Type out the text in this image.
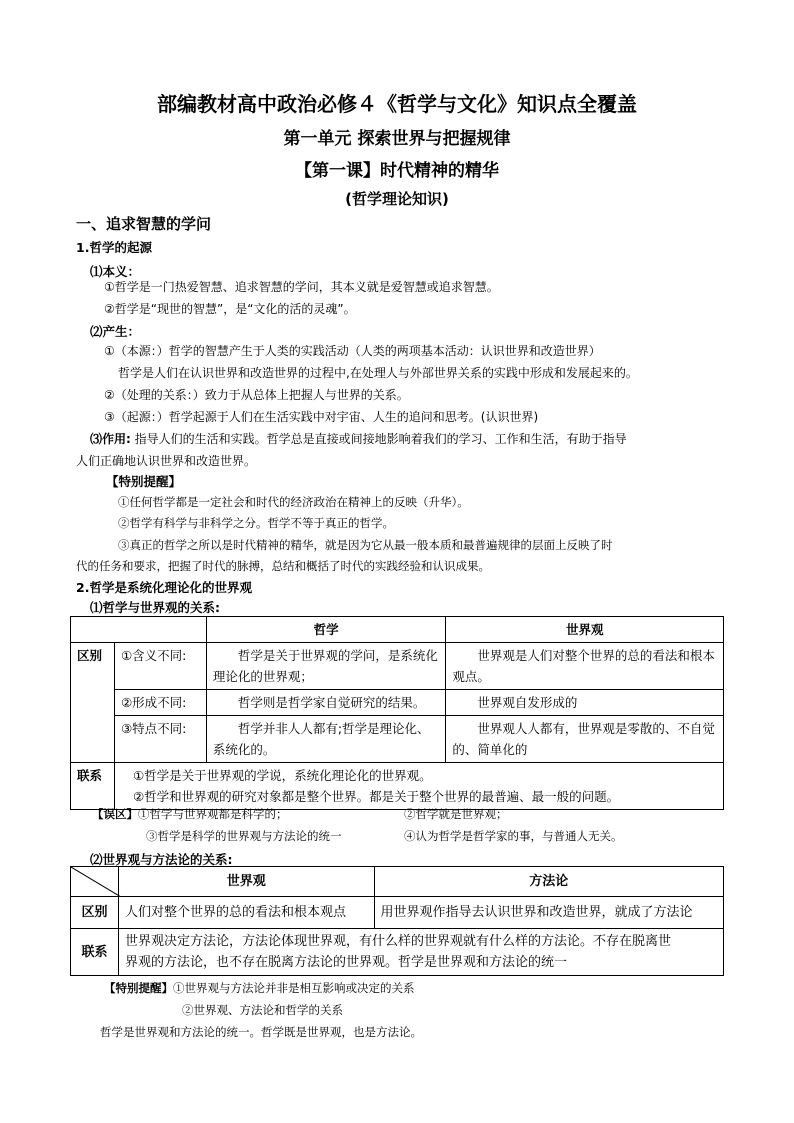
部编教材高中政治必修４《哲学与文化》知识点全覆盖
第一单元 探索世界与把握规律
【第一课】时代精神的精华
(哲学理论知识)
一、追求智慧的学问
1.哲学的起源
⑴本义：
①哲学是一门热爱智慧、追求智慧的学问，其本义就是爱智慧或追求智慧。
②哲学是“现世的智慧”，是“文化的活的灵魂”。
⑵产生：
①（本源：）哲学的智慧产生于人类的实践活动（人类的两项基本活动：认识世界和改造世界）
哲学是人们在认识世界和改造世界的过程中,在处理人与外部世界关系的实践中形成和发展起来的。
②（处理的关系：）致力于从总体上把握人与世界的关系。
③（起源：）哲学起源于人们在生活实践中对宇宙、人生的追问和思考。(认识世界)
⑶作用: 指导人们的生活和实践。哲学总是直接或间接地影响着我们的学习、工作和生活，有助于指导
人们正确地认识世界和改造世界。
【特别提醒】
①任何哲学都是一定社会和时代的经济政治在精神上的反映（升华）。
②哲学有科学与非科学之分。哲学不等于真正的哲学。
③真正的哲学之所以是时代精神的精华，就是因为它从最一般本质和最普遍规律的层面上反映了时
代的任务和要求，把握了时代的脉搏，总结和概括了时代的实践经验和认识成果。
2.哲学是系统化理论化的世界观
⑴哲学与世界观的关系:
		哲学	世界观
区别	①含义不同:	哲学是关于世界观的学问，是系统化理论化的世界观；	世界观是人们对整个世界的总的看法和根本观点。
	②形成不同:	哲学则是哲学家自觉研究的结果。	世界观自发形成的
	③特点不同:	哲学并非人人都有;哲学是理论化、系统化的。	世界观人人都有，世界观是零散的、不自觉的、简单化的
联系	①哲学是关于世界观的学说，系统化理论化的世界观。
②哲学和世界观的研究对象都是整个世界。都是关于整个世界的最普遍、最一般的问题。		
【误区】①哲学与世界观都是科学的；	②哲学就是世界观；
③哲学是科学的世界观与方法论的统一	④认为哲学是哲学家的事，与普通人无关。
⑵世界观与方法论的关系:
	世界观	方法论
区别	人们对整个世界的总的看法和根本观点	用世界观作指导去认识世界和改造世界，就成了方法论
联系	世界观决定方法论，方法论体现世界观，有什么样的世界观就有什么样的方法论。不存在脱离世
界观的方法论，也不存在脱离方法论的世界观。哲学是世界观和方法论的统一	
【特别提醒】①世界观与方法论并非是相互影响或决定的关系
②世界观、方法论和哲学的关系
哲学是世界观和方法论的统一。哲学既是世界观，也是方法论。
